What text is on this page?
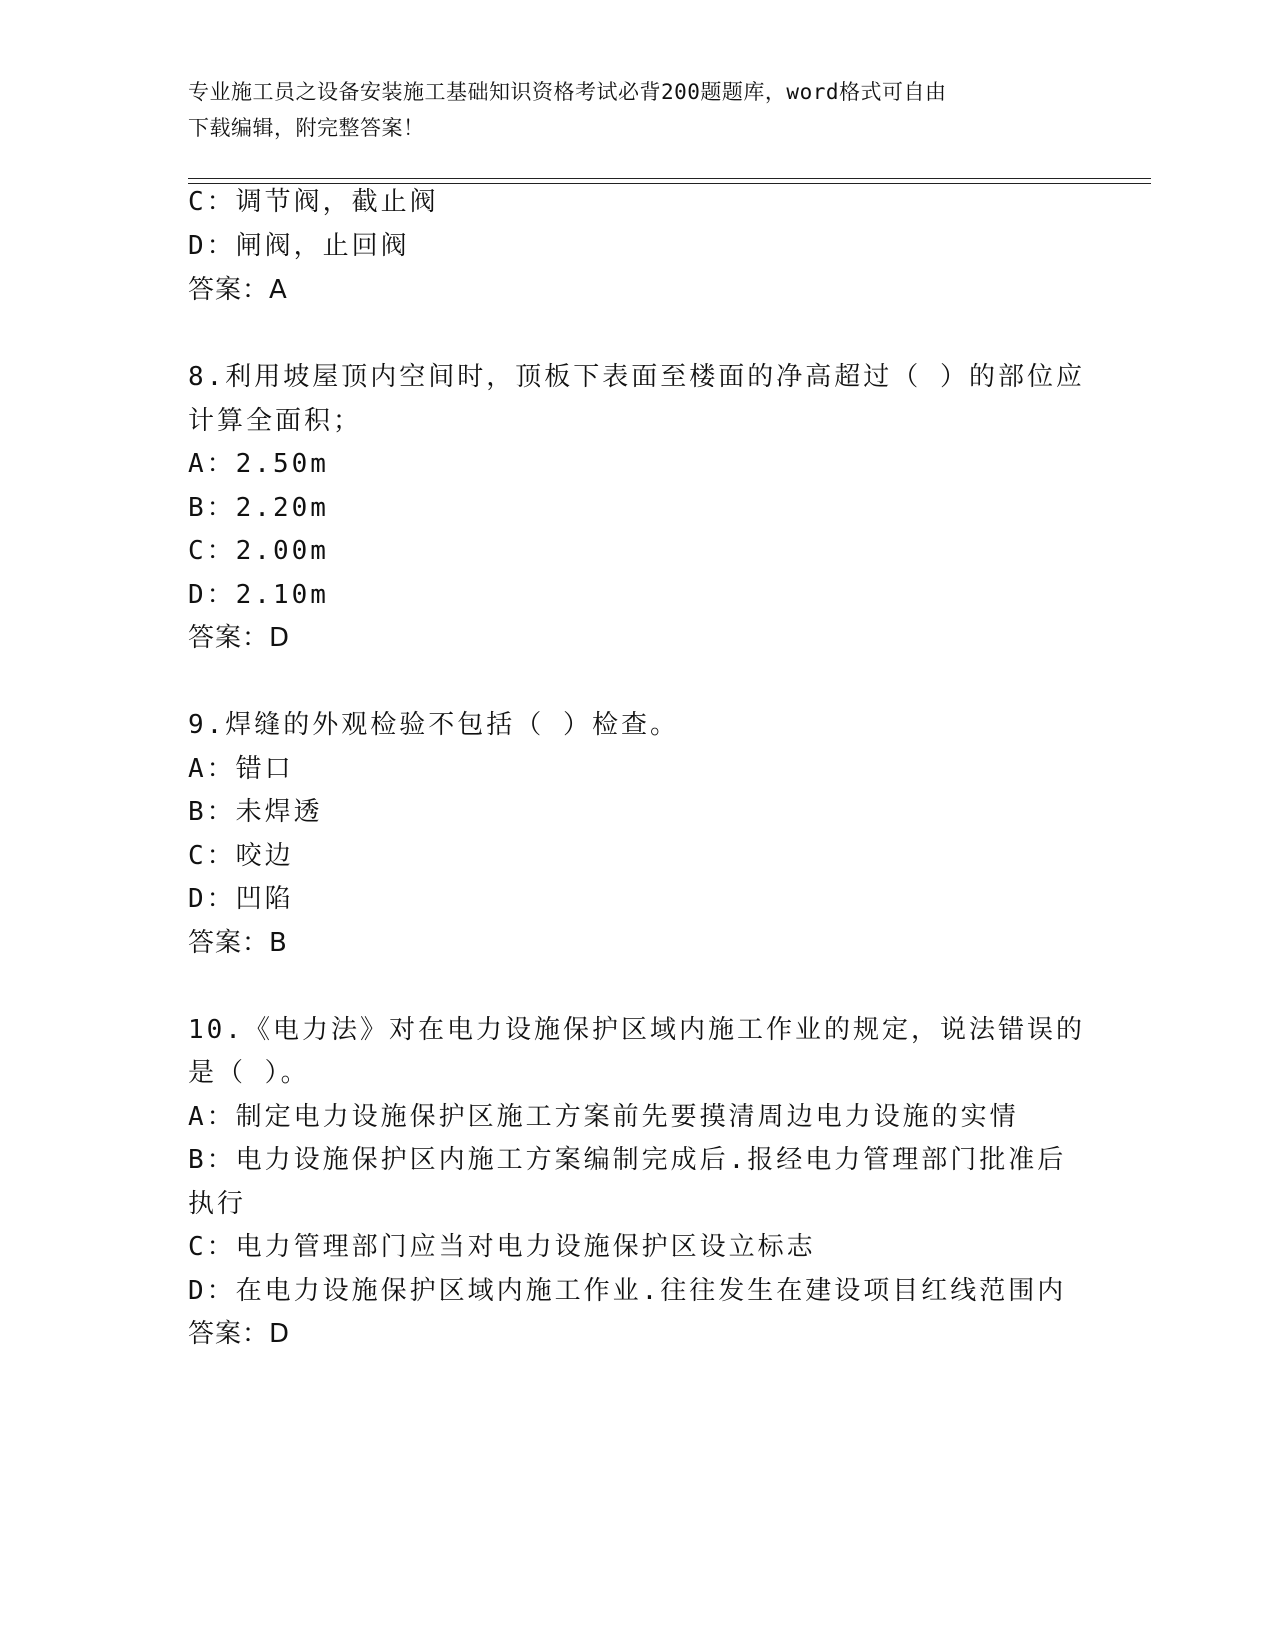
专业施工员之设备安装施工基础知识资格考试必背200题题库，word格式可自由
下载编辑，附完整答案！
C：调节阀，截止阀
D：闸阀，止回阀
答案：A
8.利用坡屋顶内空间时，顶板下表面至楼面的净高超过（ ）的部位应
计算全面积；
A：2.50m
B：2.20m
C：2.00m
D：2.10m
答案：D
9.焊缝的外观检验不包括（ ）检查。
A：错口
B：未焊透
C：咬边
D：凹陷
答案：B
10.《电力法》对在电力设施保护区域内施工作业的规定，说法错误的
是（ ）。
A：制定电力设施保护区施工方案前先要摸清周边电力设施的实情
B：电力设施保护区内施工方案编制完成后.报经电力管理部门批准后
执行
C：电力管理部门应当对电力设施保护区设立标志
D：在电力设施保护区域内施工作业.往往发生在建设项目红线范围内
答案：D
